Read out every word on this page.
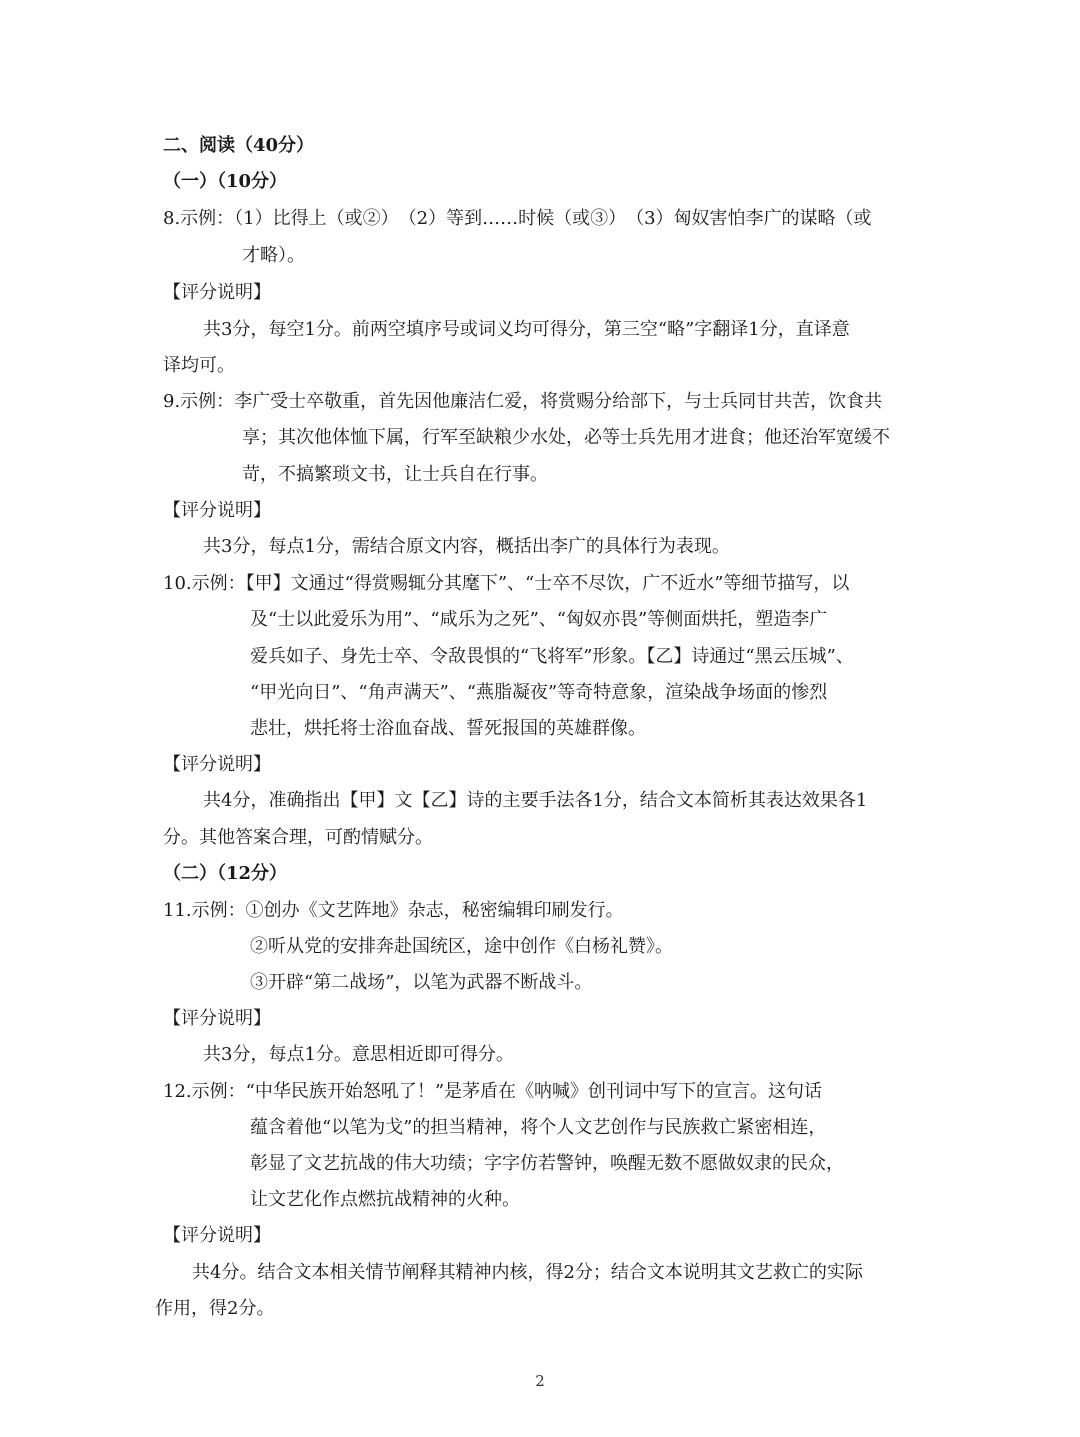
二、阅读（40分）
（一）（10分）
8.示例：（1）比得上（或②）　（2）等到……时候（或③）　（3）匈奴害怕李广的谋略（或
才略）。
【评分说明】
共3分，每空1分。前两空填序号或词义均可得分，第三空“略”字翻译1分，直译意
译均可。
9.示例：李广受士卒敬重，首先因他廉洁仁爱，将赏赐分给部下，与士兵同甘共苦，饮食共
享；其次他体恤下属，行军至缺粮少水处，必等士兵先用才进食；他还治军宽缓不
苛，不搞繁琐文书，让士兵自在行事。
【评分说明】
共3分，每点1分，需结合原文内容，概括出李广的具体行为表现。
10.示例：【甲】文通过“得赏赐辄分其麾下”、“士卒不尽饮，广不近水”等细节描写，以
及“士以此爱乐为用”、“咸乐为之死”、“匈奴亦畏”等侧面烘托，塑造李广
爱兵如子、身先士卒、令敌畏惧的“飞将军”形象。【乙】诗通过“黑云压城”、
“甲光向日”、“角声满天”、“燕脂凝夜”等奇特意象，渲染战争场面的惨烈
悲壮，烘托将士浴血奋战、誓死报国的英雄群像。
【评分说明】
共4分，准确指出【甲】文【乙】诗的主要手法各1分，结合文本简析其表达效果各1
分。其他答案合理，可酌情赋分。
（二）（12分）
11.示例：①创办《文艺阵地》杂志，秘密编辑印刷发行。
②听从党的安排奔赴国统区，途中创作《白杨礼赞》。
③开辟“第二战场”，以笔为武器不断战斗。
【评分说明】
共3分，每点1分。意思相近即可得分。
12.示例：“中华民族开始怒吼了！”是茅盾在《呐喊》创刊词中写下的宣言。这句话
蕴含着他“以笔为戈”的担当精神，将个人文艺创作与民族救亡紧密相连，
彰显了文艺抗战的伟大功绩；字字仿若警钟，唤醒无数不愿做奴隶的民众，
让文艺化作点燃抗战精神的火种。
【评分说明】
共4分。结合文本相关情节阐释其精神内核，得2分；结合文本说明其文艺救亡的实际
作用，得2分。
2
